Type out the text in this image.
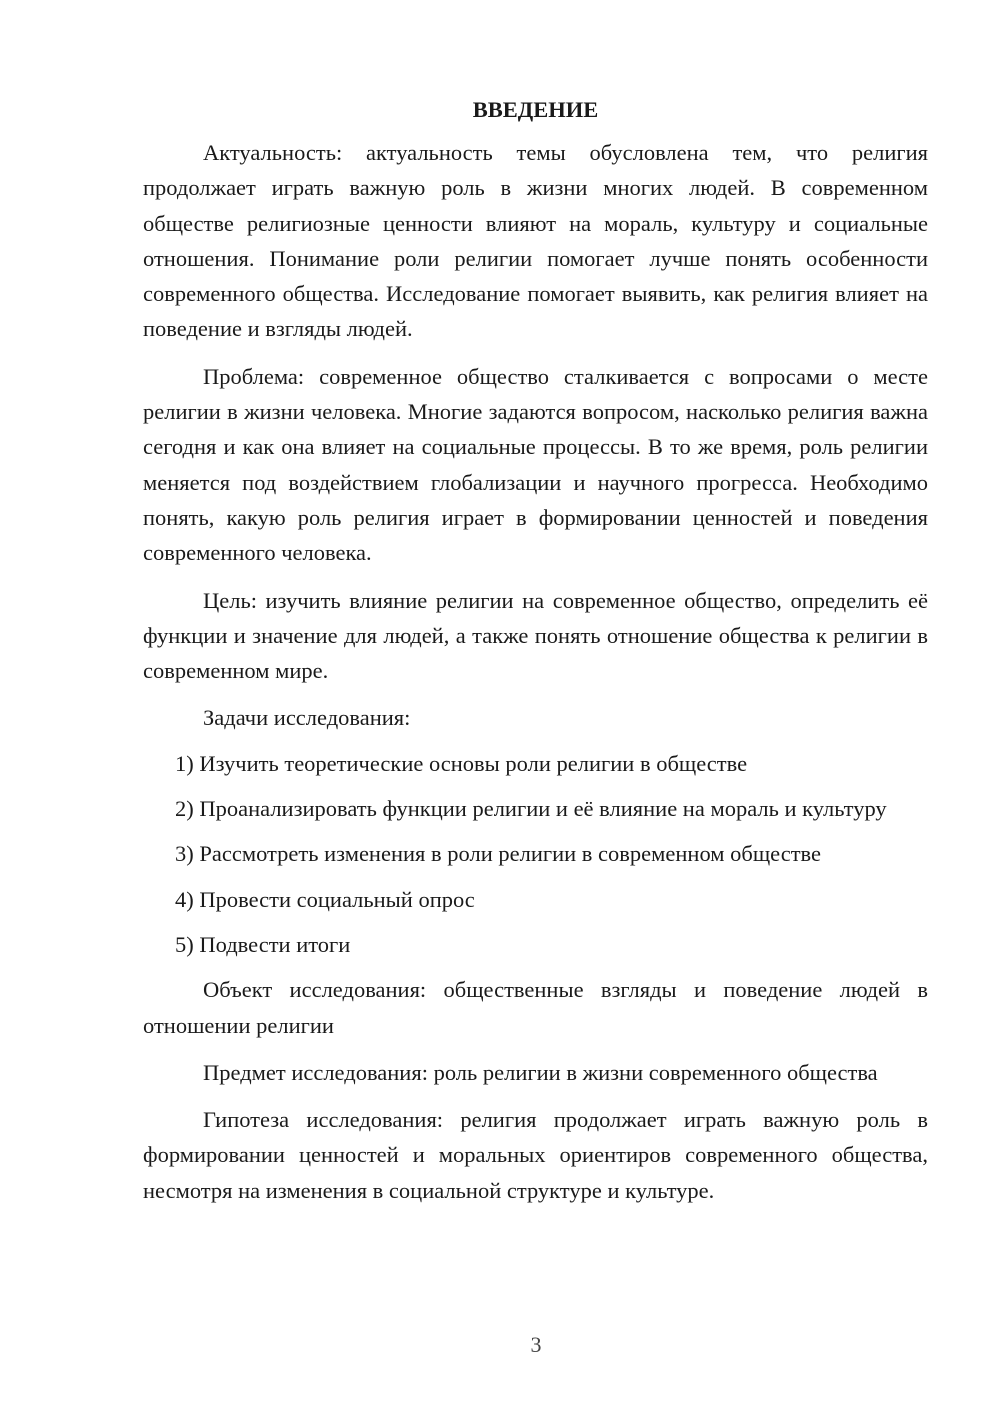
ВВЕДЕНИЕ

Актуальность: актуальность темы обусловлена тем, что религия продолжает играть важную роль в жизни многих людей. В современном обществе религиозные ценности влияют на мораль, культуру и социальные отношения. Понимание роли религии помогает лучше понять особенности современного общества. Исследование помогает выявить, как религия влияет на поведение и взгляды людей.

Проблема: современное общество сталкивается с вопросами о месте религии в жизни человека. Многие задаются вопросом, насколько религия важна сегодня и как она влияет на социальные процессы. В то же время, роль религии меняется под воздействием глобализации и научного прогресса. Необходимо понять, какую роль религия играет в формировании ценностей и поведения современного человека.

Цель: изучить влияние религии на современное общество, определить её функции и значение для людей, а также понять отношение общества к религии в современном мире.

Задачи исследования:

1) Изучить теоретические основы роли религии в обществе

2) Проанализировать функции религии и её влияние на мораль и культуру

3) Рассмотреть изменения в роли религии в современном обществе

4) Провести социальный опрос

5) Подвести итоги

Объект исследования: общественные взгляды и поведение людей в отношении религии

Предмет исследования: роль религии в жизни современного общества

Гипотеза исследования: религия продолжает играть важную роль в формировании ценностей и моральных ориентиров современного общества, несмотря на изменения в социальной структуре и культуре.

3
